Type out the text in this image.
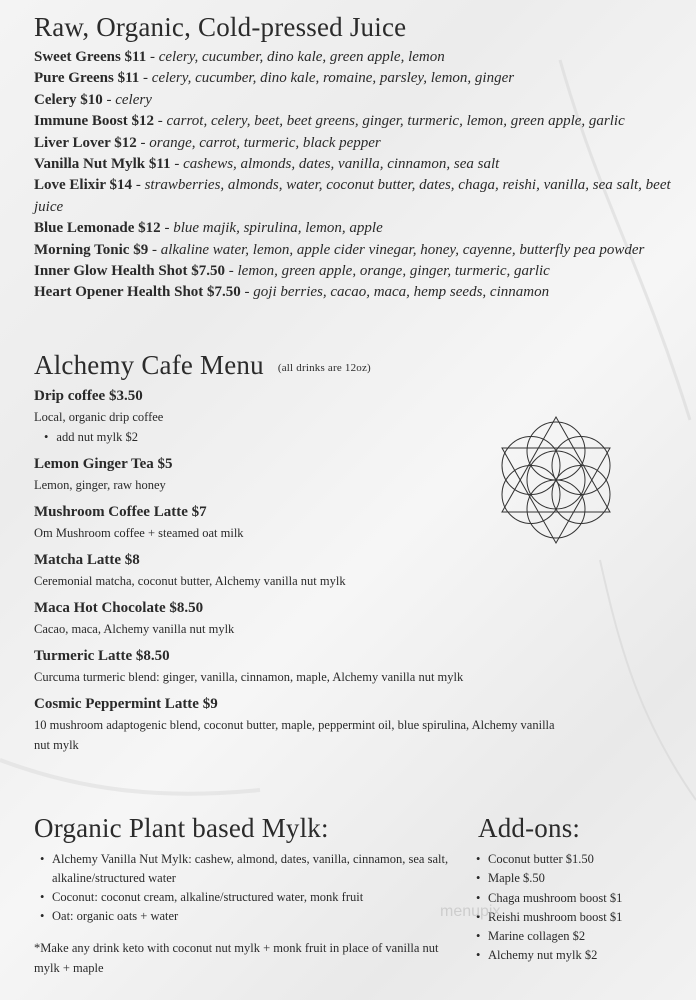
Raw, Organic, Cold-pressed Juice
Sweet Greens $11 - celery, cucumber, dino kale, green apple, lemon
Pure Greens $11 - celery, cucumber, dino kale, romaine, parsley, lemon, ginger
Celery $10 - celery
Immune Boost $12 - carrot, celery, beet, beet greens, ginger, turmeric, lemon, green apple, garlic
Liver Lover $12 - orange, carrot, turmeric, black pepper
Vanilla Nut Mylk $11 - cashews, almonds, dates, vanilla, cinnamon, sea salt
Love Elixir $14 - strawberries, almonds, water, coconut butter, dates, chaga, reishi, vanilla, sea salt, beet juice
Blue Lemonade $12 - blue majik, spirulina, lemon, apple
Morning Tonic $9 - alkaline water, lemon, apple cider vinegar, honey, cayenne, butterfly pea powder
Inner Glow Health Shot $7.50 - lemon, green apple, orange, ginger, turmeric, garlic
Heart Opener Health Shot $7.50 - goji berries, cacao, maca, hemp seeds, cinnamon
Alchemy Cafe Menu (all drinks are 12oz)
Drip coffee $3.50
Local, organic drip coffee
• add nut mylk $2
Lemon Ginger Tea $5
Lemon, ginger, raw honey
Mushroom Coffee Latte $7
Om Mushroom coffee + steamed oat milk
Matcha Latte $8
Ceremonial matcha, coconut butter, Alchemy vanilla nut mylk
Maca Hot Chocolate $8.50
Cacao, maca, Alchemy vanilla nut mylk
Turmeric Latte $8.50
Curcuma turmeric blend: ginger, vanilla, cinnamon, maple, Alchemy vanilla nut mylk
Cosmic Peppermint Latte $9
10 mushroom adaptogenic blend, coconut butter, maple, peppermint oil, blue spirulina, Alchemy vanilla nut mylk
Organic Plant based Mylk:
• Alchemy Vanilla Nut Mylk: cashew, almond, dates, vanilla, cinnamon, sea salt, alkaline/structured water
• Coconut: coconut cream, alkaline/structured water, monk fruit
• Oat: organic oats + water
*Make any drink keto with coconut nut mylk + monk fruit in place of vanilla nut mylk + maple
Add-ons:
• Coconut butter $1.50
• Maple $.50
• Chaga mushroom boost $1
• Reishi mushroom boost $1
• Marine collagen $2
• Alchemy nut mylk $2
menupix
